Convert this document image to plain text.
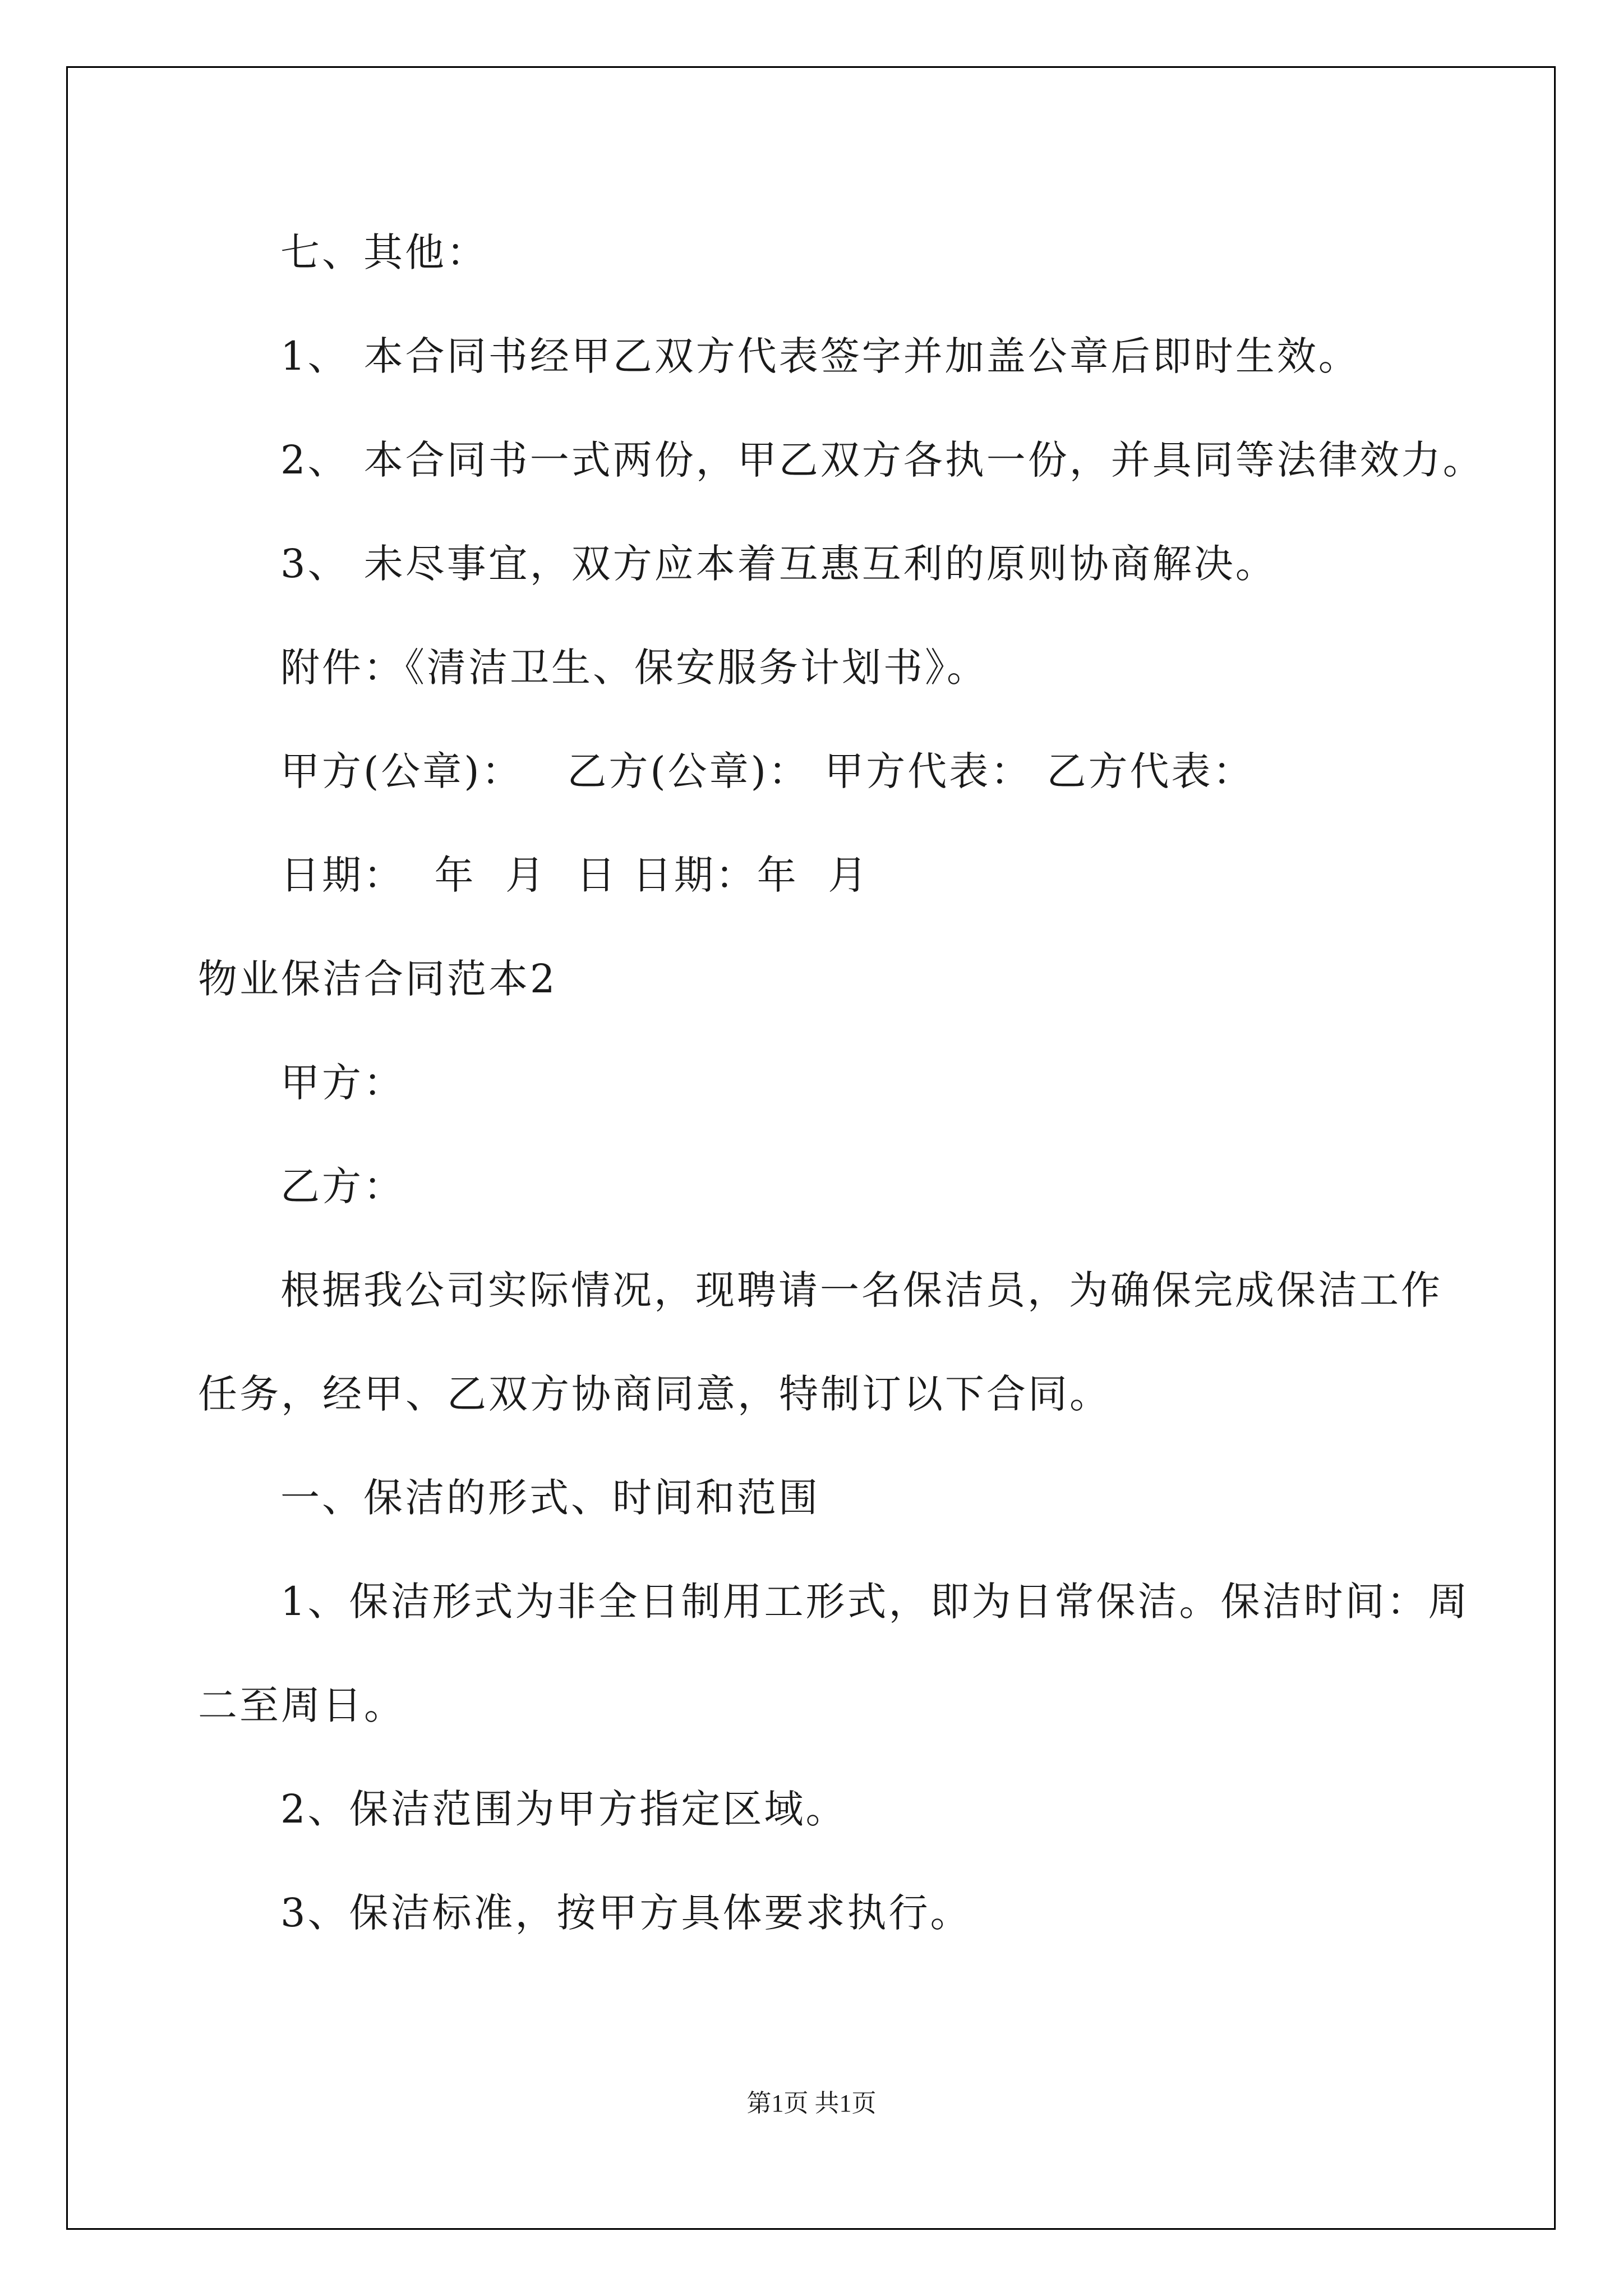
七、其他：
1、 本合同书经甲乙双方代表签字并加盖公章后即时生效。
2、 本合同书一式两份，甲乙双方各执一份，并具同等法律效力。
3、 未尽事宜，双方应本着互惠互利的原则协商解决。
附件：《清洁卫生、保安服务计划书》。
甲方(公章)：   乙方(公章)： 甲方代表： 乙方代表：
日期：  年  月  日 日期：年  月
物业保洁合同范本2
甲方：
乙方：
根据我公司实际情况，现聘请一名保洁员，为确保完成保洁工作
任务，经甲、乙双方协商同意，特制订以下合同。
一、保洁的形式、时间和范围
1、保洁形式为非全日制用工形式，即为日常保洁。保洁时间：周
二至周日。
2、保洁范围为甲方指定区域。
3、保洁标准，按甲方具体要求执行。
第1页 共1页
